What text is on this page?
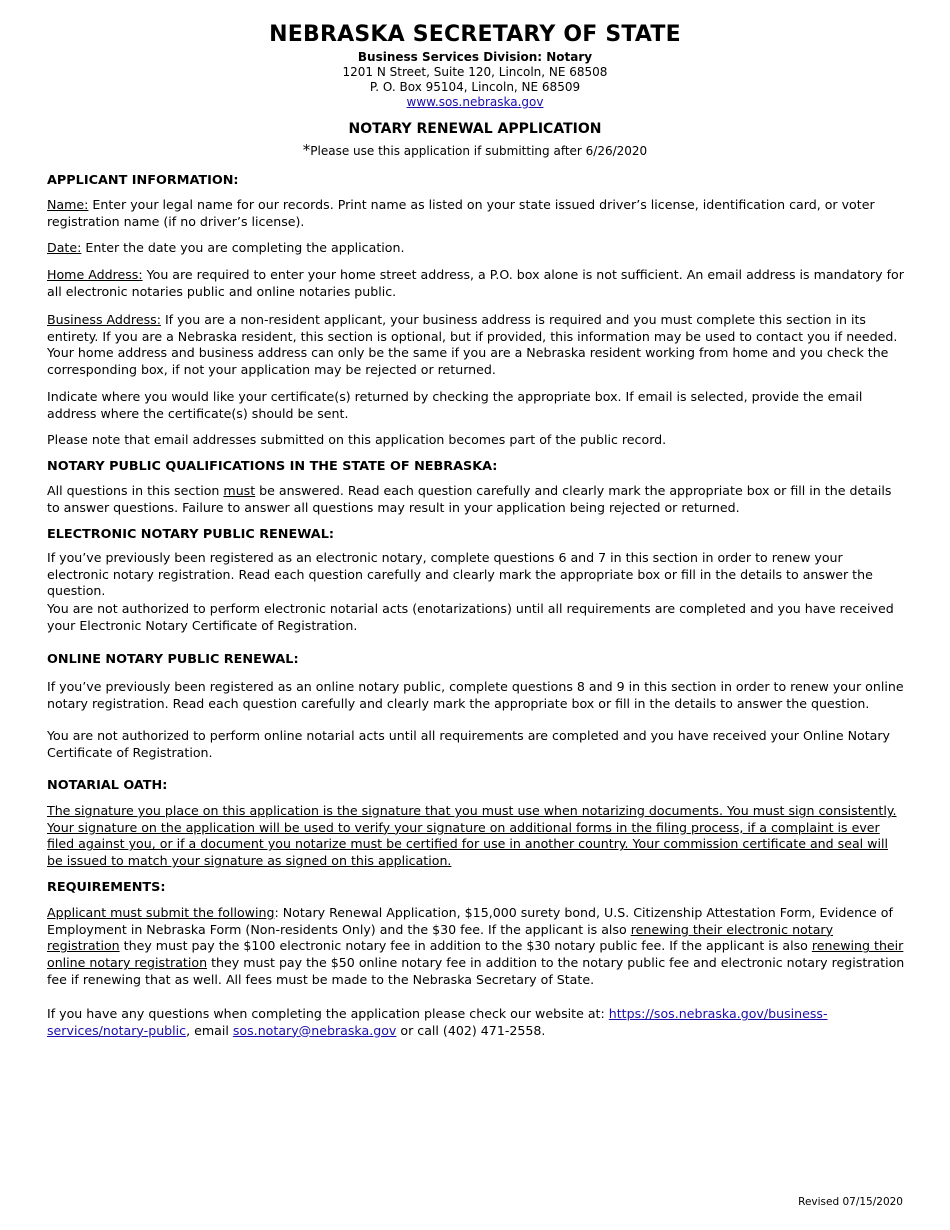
NEBRASKA SECRETARY OF STATE
Business Services Division: Notary
1201 N Street, Suite 120, Lincoln, NE 68508
P. O. Box 95104, Lincoln, NE 68509
www.sos.nebraska.gov
NOTARY RENEWAL APPLICATION
*Please use this application if submitting after 6/26/2020
APPLICANT INFORMATION:
Name: Enter your legal name for our records. Print name as listed on your state issued driver’s license, identification card, or voter registration name (if no driver’s license).
Date: Enter the date you are completing the application.
Home Address: You are required to enter your home street address, a P.O. box alone is not sufficient. An email address is mandatory for all electronic notaries public and online notaries public.
Business Address: If you are a non-resident applicant, your business address is required and you must complete this section in its entirety. If you are a Nebraska resident, this section is optional, but if provided, this information may be used to contact you if needed. Your home address and business address can only be the same if you are a Nebraska resident working from home and you check the corresponding box, if not your application may be rejected or returned.
Indicate where you would like your certificate(s) returned by checking the appropriate box. If email is selected, provide the email address where the certificate(s) should be sent.
Please note that email addresses submitted on this application becomes part of the public record.
NOTARY PUBLIC QUALIFICATIONS IN THE STATE OF NEBRASKA:
All questions in this section must be answered. Read each question carefully and clearly mark the appropriate box or fill in the details to answer questions. Failure to answer all questions may result in your application being rejected or returned.
ELECTRONIC NOTARY PUBLIC RENEWAL:
If you’ve previously been registered as an electronic notary, complete questions 6 and 7 in this section in order to renew your electronic notary registration. Read each question carefully and clearly mark the appropriate box or fill in the details to answer the question.
You are not authorized to perform electronic notarial acts (enotarizations) until all requirements are completed and you have received your Electronic Notary Certificate of Registration.
ONLINE NOTARY PUBLIC RENEWAL:
If you’ve previously been registered as an online notary public, complete questions 8 and 9 in this section in order to renew your online notary registration. Read each question carefully and clearly mark the appropriate box or fill in the details to answer the question.
You are not authorized to perform online notarial acts until all requirements are completed and you have received your Online Notary Certificate of Registration.
NOTARIAL OATH:
The signature you place on this application is the signature that you must use when notarizing documents. You must sign consistently. Your signature on the application will be used to verify your signature on additional forms in the filing process, if a complaint is ever filed against you, or if a document you notarize must be certified for use in another country. Your commission certificate and seal will be issued to match your signature as signed on this application.
REQUIREMENTS:
Applicant must submit the following: Notary Renewal Application, $15,000 surety bond, U.S. Citizenship Attestation Form, Evidence of Employment in Nebraska Form (Non-residents Only) and the $30 fee. If the applicant is also renewing their electronic notary registration they must pay the $100 electronic notary fee in addition to the $30 notary public fee. If the applicant is also renewing their online notary registration they must pay the $50 online notary fee in addition to the notary public fee and electronic notary registration fee if renewing that as well. All fees must be made to the Nebraska Secretary of State.
If you have any questions when completing the application please check our website at: https://sos.nebraska.gov/business-services/notary-public, email sos.notary@nebraska.gov or call (402) 471-2558.
Revised 07/15/2020
